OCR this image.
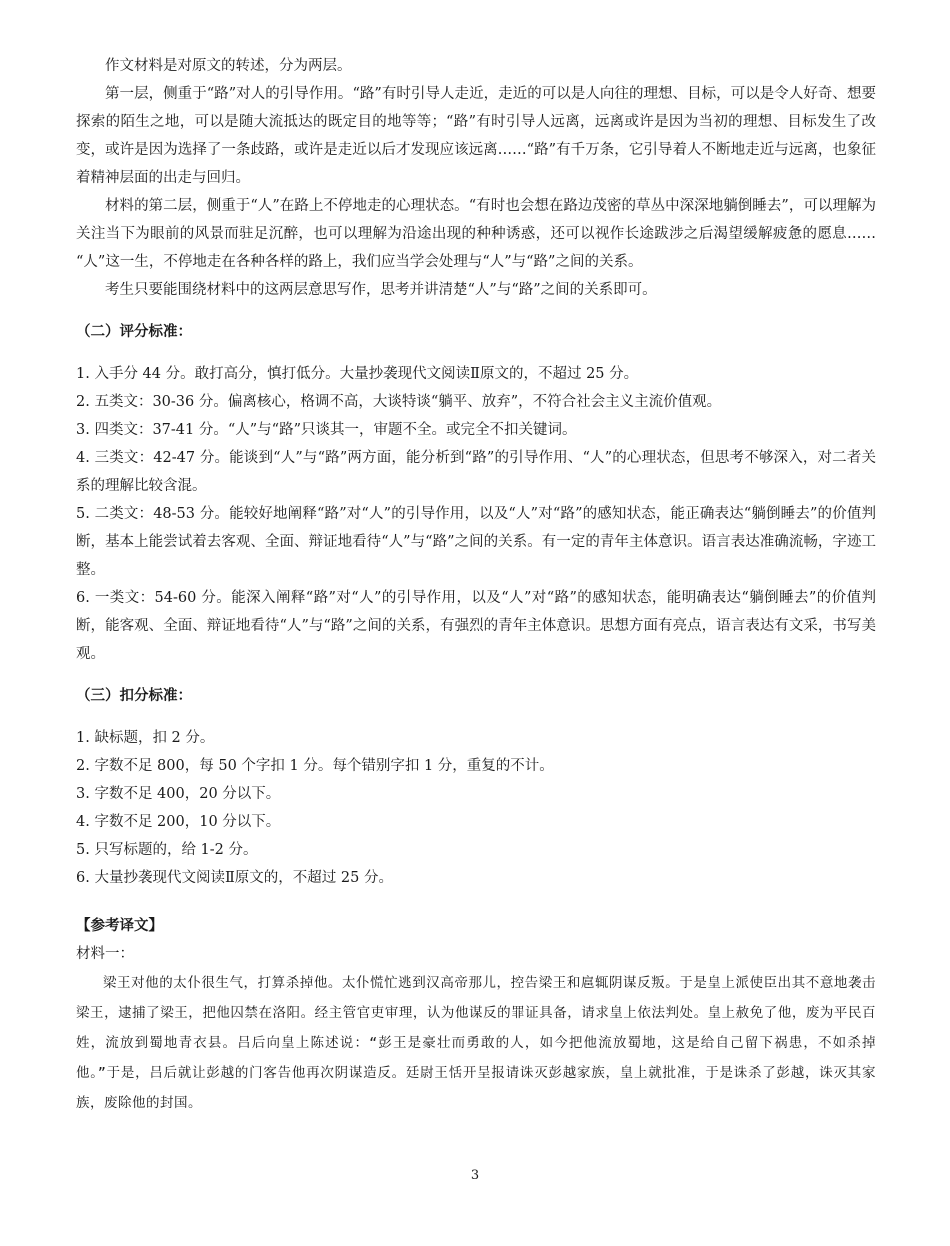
作文材料是对原文的转述，分为两层。

第一层，侧重于“路”对人的引导作用。“路”有时引导人走近，走近的可以是人向往的理想、目标，可以是令人好奇、想要探索的陌生之地，可以是随大流抵达的既定目的地等等；“路”有时引导人远离，远离或许是因为当初的理想、目标发生了改变，或许是因为选择了一条歧路，或许是走近以后才发现应该远离……“路”有千万条，它引导着人不断地走近与远离，也象征着精神层面的出走与回归。

材料的第二层，侧重于“人”在路上不停地走的心理状态。“有时也会想在路边茂密的草丛中深深地躺倒睡去”，可以理解为关注当下为眼前的风景而驻足沉醉，也可以理解为沿途出现的种种诱惑，还可以视作长途跋涉之后渴望缓解疲惫的愿息…… “人”这一生，不停地走在各种各样的路上，我们应当学会处理与“人”与“路”之间的关系。

考生只要能围绕材料中的这两层意思写作，思考并讲清楚“人”与“路”之间的关系即可。

（二）评分标准：

1. 入手分 44 分。敢打高分，慎打低分。大量抄袭现代文阅读Ⅱ原文的，不超过 25 分。
2. 五类文：30-36 分。偏离核心，格调不高，大谈特谈“躺平、放弃”，不符合社会主义主流价值观。
3. 四类文：37-41 分。“人”与“路”只谈其一，审题不全。或完全不扣关键词。
4. 三类文：42-47 分。能谈到“人”与“路”两方面，能分析到“路”的引导作用、“人”的心理状态，但思考不够深入，对二者关系的理解比较含混。
5. 二类文：48-53 分。能较好地阐释“路”对“人”的引导作用，以及“人”对“路”的感知状态，能正确表达“躺倒睡去”的价值判断，基本上能尝试着去客观、全面、辩证地看待“人”与“路”之间的关系。有一定的青年主体意识。语言表达准确流畅，字迹工整。
6. 一类文：54-60 分。能深入阐释“路”对“人”的引导作用，以及“人”对“路”的感知状态，能明确表达“躺倒睡去”的价值判断，能客观、全面、辩证地看待“人”与“路”之间的关系，有强烈的青年主体意识。思想方面有亮点，语言表达有文采，书写美观。

（三）扣分标准：

1. 缺标题，扣 2 分。
2. 字数不足 800，每 50 个字扣 1 分。每个错别字扣 1 分，重复的不计。
3. 字数不足 400，20 分以下。
4. 字数不足 200，10 分以下。
5. 只写标题的，给 1-2 分。
6. 大量抄袭现代文阅读Ⅱ原文的，不超过 25 分。

【参考译文】

材料一：

梁王对他的太仆很生气，打算杀掉他。太仆慌忙逃到汉高帝那儿，控告梁王和扈辄阴谋反叛。于是皇上派使臣出其不意地袭击梁王，逮捕了梁王，把他囚禁在洛阳。经主管官吏审理，认为他谋反的罪证具备，请求皇上依法判处。皇上赦免了他，废为平民百姓，流放到蜀地青衣县。吕后向皇上陈述说：“彭王是豪壮而勇敢的人，如今把他流放蜀地，这是给自己留下祸患，不如杀掉他。”于是，吕后就让彭越的门客告他再次阴谋造反。廷尉王恬开呈报请诛灭彭越家族，皇上就批准，于是诛杀了彭越，诛灭其家族，废除他的封国。

3
